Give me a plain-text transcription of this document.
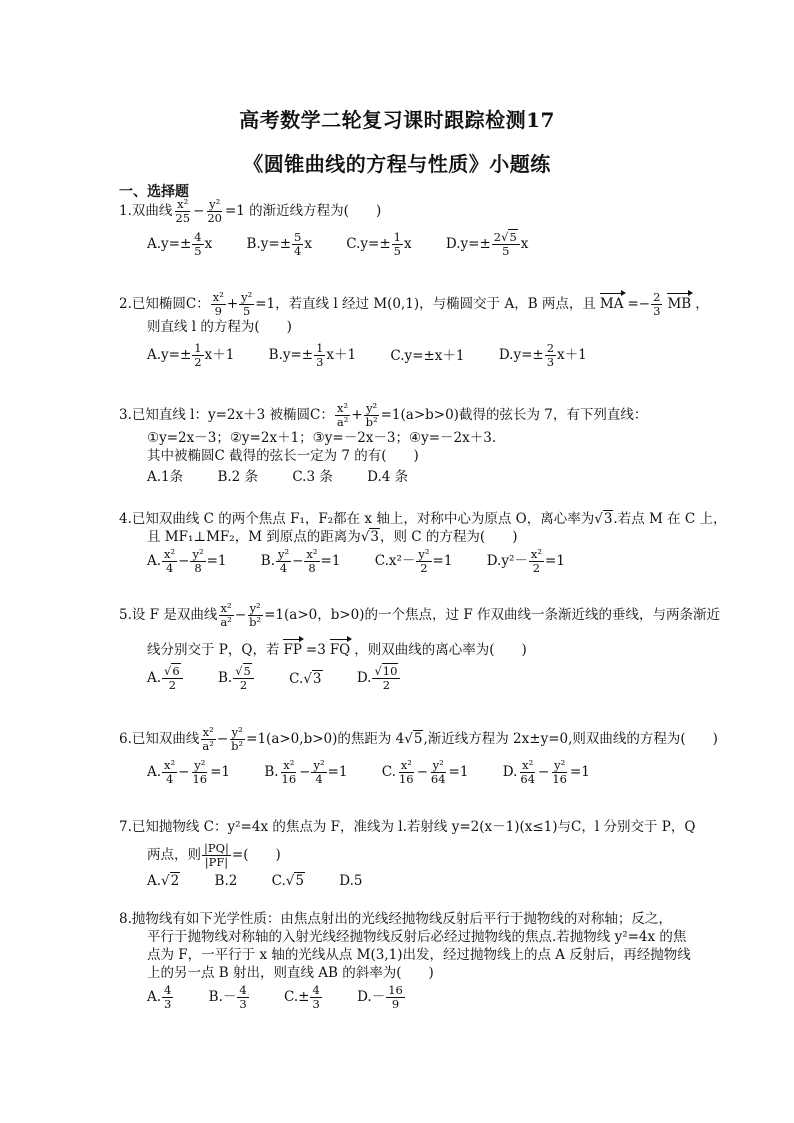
高考数学二轮复习课时跟踪检测17
《圆锥曲线的方程与性质》小题练
一、选择题
1.双曲线 $\frac{\text{x²}}{25} - \frac{\text{y²}}{20} =1$ 的渐近线方程为(　　)
$A.y=\pm \frac{4}{5}$ x	$B.y=\pm \frac{5}{4}$ x	$C.y=\pm \frac{1}{5}$ x	$D.y=\pm \frac{2√5}{5}$ x
2.已知椭圆C： $\frac{\text{x²}}{9} + \frac{\text{y²}}{5} =1$，若直线 l 经过 M(0,1)，与椭圆交于 A，B 两点，且 MA =− $\frac{2}{3}$ MB ，
则直线 l 的方程为(　　)
$A.y=\pm \frac{1}{2} x+1$	$B.y=\pm \frac{1}{3} x+1$	C.y=±x＋1	$D.y=\pm \frac{2}{3} x+1$
3.已知直线 l：y=2x＋3 被椭圆C： $\frac{\text{x²}}{\text{a²}} + \frac{\text{y²}}{\text{b²}} =1(a>b>0)$截得的弦长为 7，有下列直线：
①y=2x－3；②y=2x＋1；③y=－2x－3；④y=－2x＋3.
其中被椭圆C 截得的弦长一定为 7 的有(　　)
A.1条	B.2 条	C.3 条	D.4 条
4.已知双曲线 C 的两个焦点 F₁，F₂都在 x 轴上，对称中心为原点 O，离心率为√3.若点 M 在 C 上，
且 MF₁⊥MF₂，M 到原点的距离为√3，则 C 的方程为(　　)
A. $\frac{\text{x²}}{4} - \frac{\text{y²}}{8} =1$	B. $\frac{\text{y²}}{4} - \frac{\text{x²}}{8} =1$	$C.x^2- \frac{\text{y²}}{2} =1$	$D.y^2- \frac{\text{x²}}{2} =1$
5.设 F 是双曲线 $\frac{\text{x²}}{\text{a²}} - \frac{\text{y²}}{\text{b²}} =1(a>0$，b>0)的一个焦点，过 F 作双曲线一条渐近线的垂线，与两条渐近
线分别交于 P，Q，若 FP =3 FQ ，则双曲线的离心率为(　　)
A. $\frac{√6}{2}$	B. $\frac{√5}{2}$	C.√3	D. $\frac{√10}{2}$
6.已知双曲线 $\frac{\text{x²}}{\text{a²}} - \frac{\text{y²}}{\text{b²}} =1(a>0,b>0)$的焦距为 4√5,渐近线方程为 2x±y=0,则双曲线的方程为(　　)
A. $\frac{\text{x²}}{4} - \frac{\text{y²}}{16} =1$	B. $\frac{\text{x²}}{16} - \frac{\text{y²}}{4} =1$	C. $\frac{\text{x²}}{16} - \frac{\text{y²}}{64} =1$	D. $\frac{\text{x²}}{64} - \frac{\text{y²}}{16} =1$
7.已知抛物线 C：y²=4x 的焦点为 F，准线为 l.若射线 y=2(x－1)(x≤1)与C，l 分别交于 P，Q
两点，则 $\frac{|PQ|}{|PF|}$ =(　　)
A.√2	B.2	C.√5	D.5
8.抛物线有如下光学性质：由焦点射出的光线经抛物线反射后平行于抛物线的对称轴；反之，
平行于抛物线对称轴的入射光线经抛物线反射后必经过抛物线的焦点.若抛物线 y²=4x 的焦
点为 F，一平行于 x 轴的光线从点 M(3,1)出发，经过抛物线上的点 A 反射后，再经抛物线
上的另一点 B 射出，则直线 AB 的斜率为(　　)
A. $\frac{4}{3}$	$B.- \frac{4}{3}$	$C.\pm \frac{4}{3}$	$D.- \frac{16}{9}$
